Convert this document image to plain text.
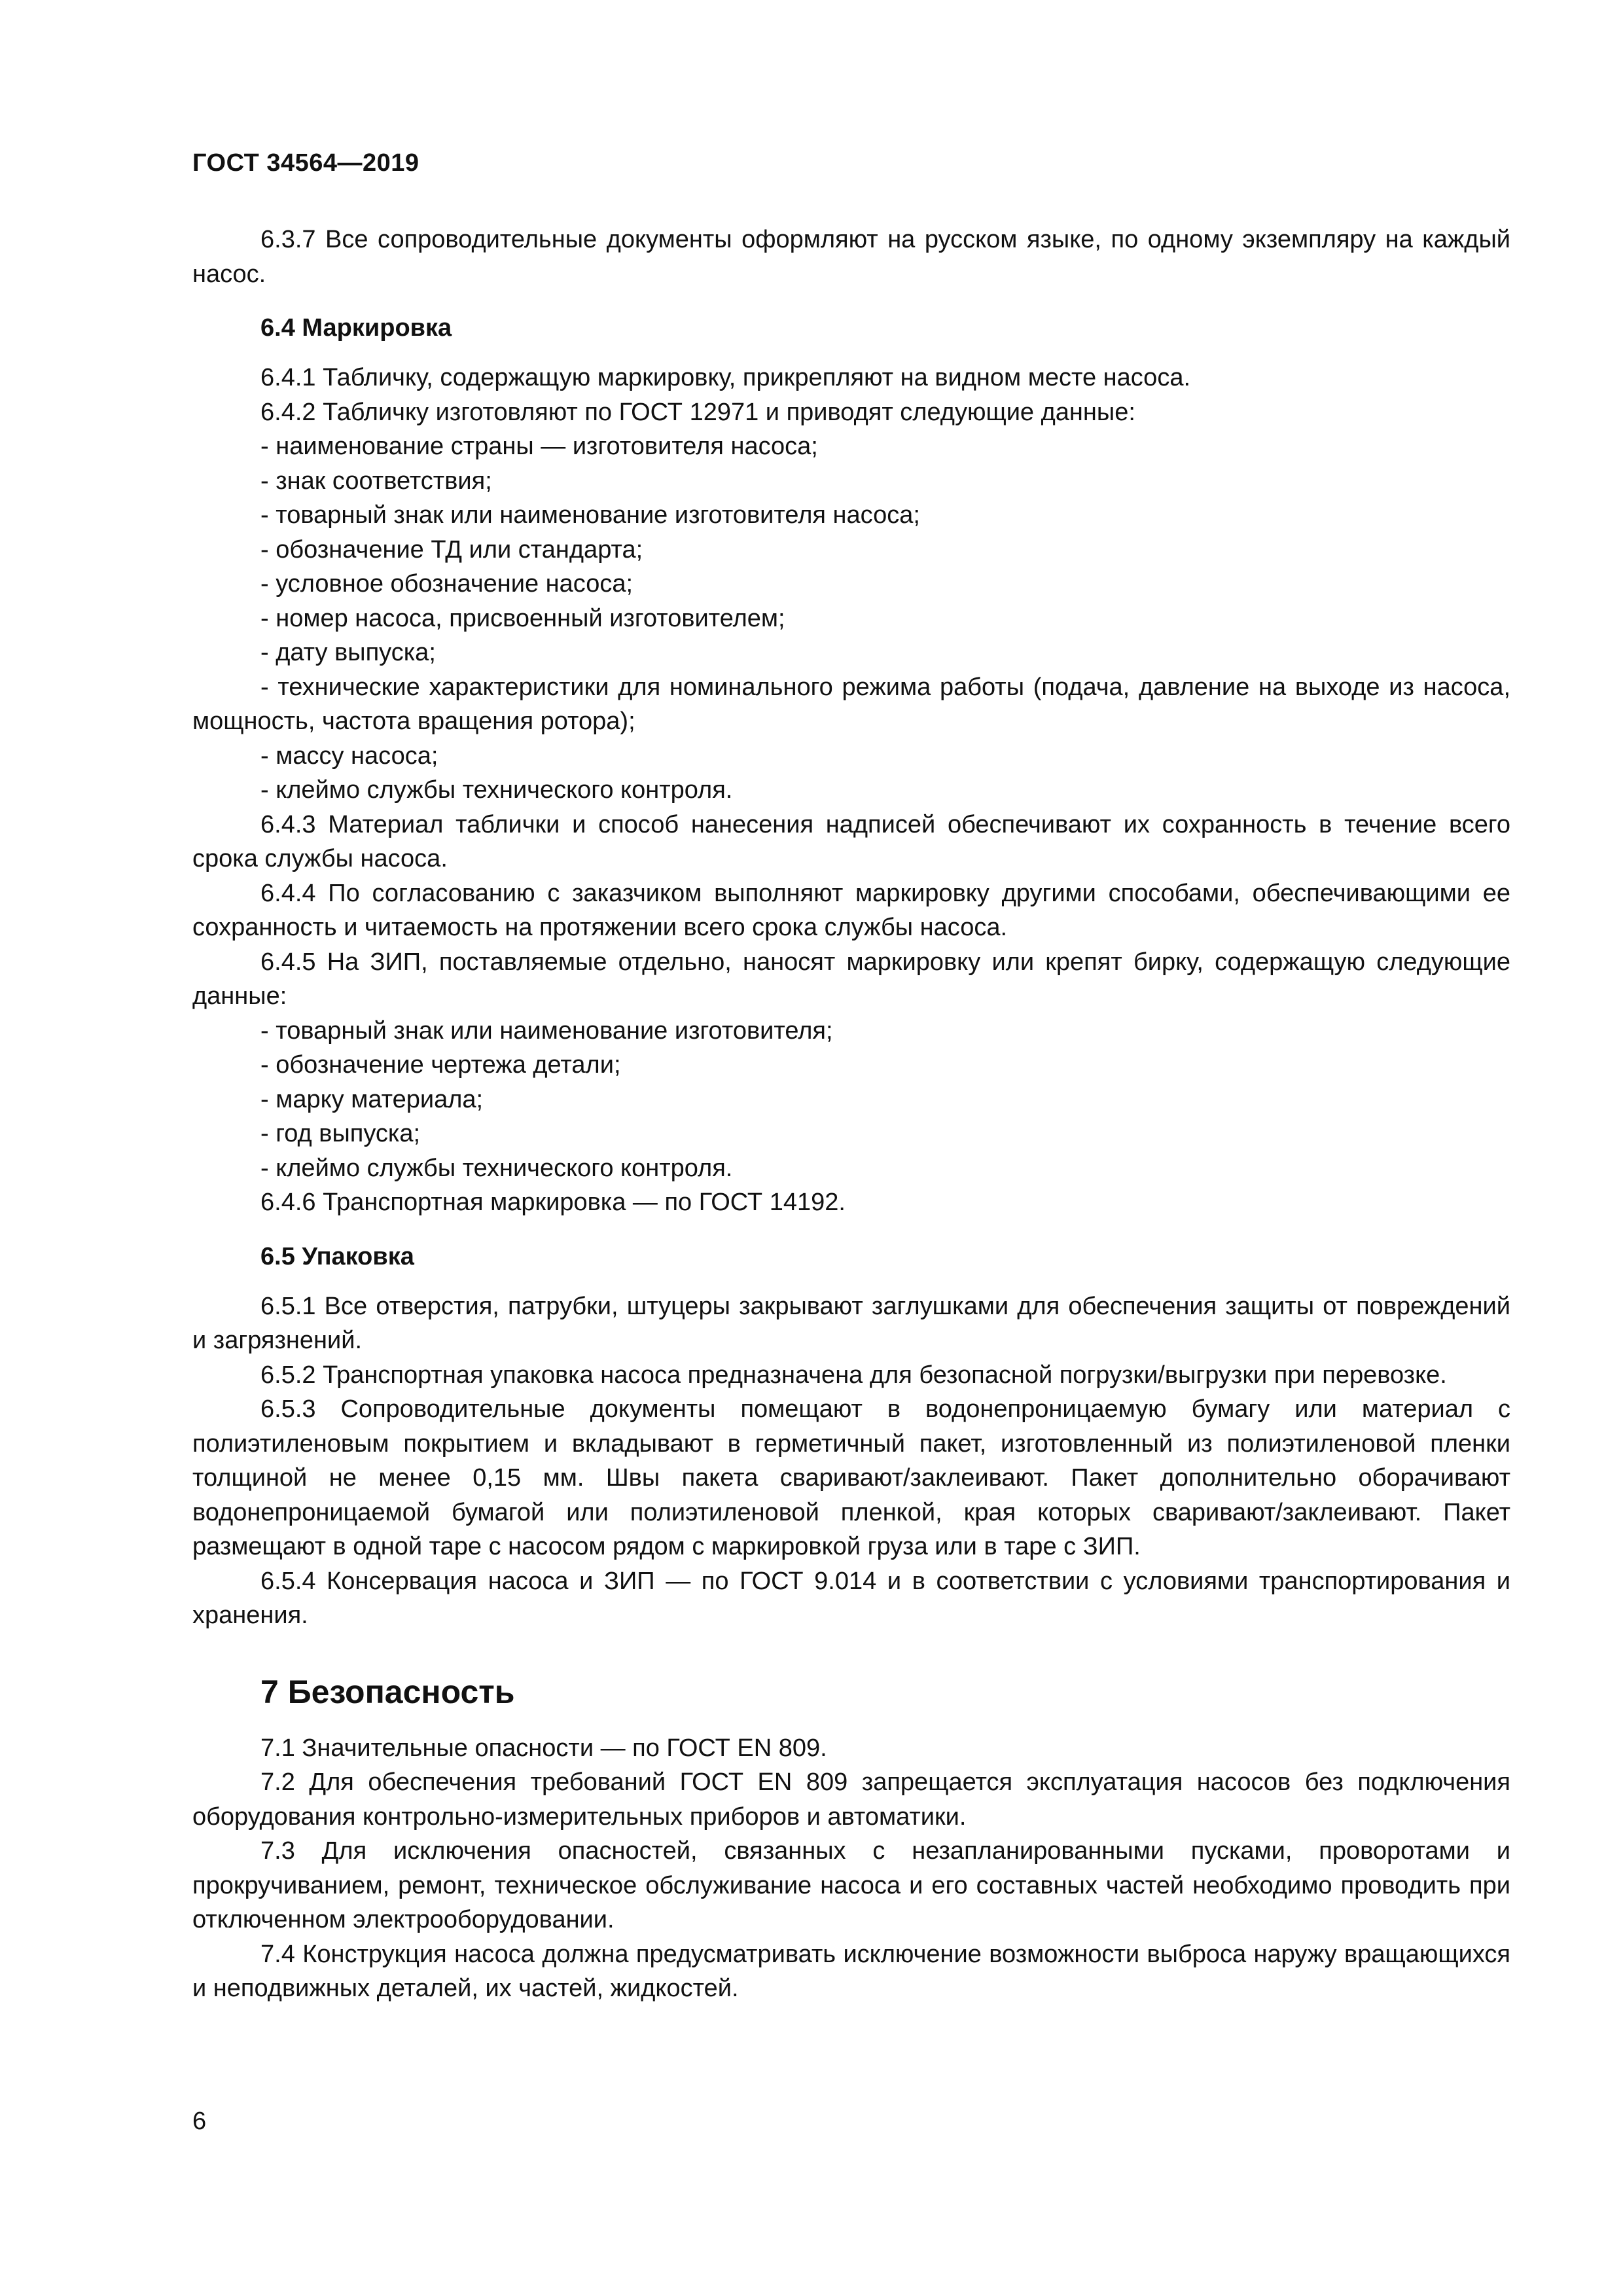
ГОСТ 34564—2019

6.3.7 Все сопроводительные документы оформляют на русском языке, по одному экземпляру на каждый насос.

6.4 Маркировка

6.4.1 Табличку, содержащую маркировку, прикрепляют на видном месте насоса.

6.4.2 Табличку изготовляют по ГОСТ 12971 и приводят следующие данные:

- наименование страны — изготовителя насоса;

- знак соответствия;

- товарный знак или наименование изготовителя насоса;

- обозначение ТД или стандарта;

- условное обозначение насоса;

- номер насоса, присвоенный изготовителем;

- дату выпуска;

- технические характеристики для номинального режима работы (подача, давление на выходе из насоса, мощность, частота вращения ротора);

- массу насоса;

- клеймо службы технического контроля.

6.4.3 Материал таблички и способ нанесения надписей обеспечивают их сохранность в течение всего срока службы насоса.

6.4.4 По согласованию с заказчиком выполняют маркировку другими способами, обеспечивающими ее сохранность и читаемость на протяжении всего срока службы насоса.

6.4.5 На ЗИП, поставляемые отдельно, наносят маркировку или крепят бирку, содержащую следующие данные:

- товарный знак или наименование изготовителя;

- обозначение чертежа детали;

- марку материала;

- год выпуска;

- клеймо службы технического контроля.

6.4.6 Транспортная маркировка — по ГОСТ 14192.

6.5 Упаковка

6.5.1 Все отверстия, патрубки, штуцеры закрывают заглушками для обеспечения защиты от повреждений и загрязнений.

6.5.2 Транспортная упаковка насоса предназначена для безопасной погрузки/выгрузки при перевозке.

6.5.3 Сопроводительные документы помещают в водонепроницаемую бумагу или материал с полиэтиленовым покрытием и вкладывают в герметичный пакет, изготовленный из полиэтиленовой пленки толщиной не менее 0,15 мм. Швы пакета сваривают/заклеивают. Пакет дополнительно оборачивают водонепроницаемой бумагой или полиэтиленовой пленкой, края которых сваривают/заклеивают. Пакет размещают в одной таре с насосом рядом с маркировкой груза или в таре с ЗИП.

6.5.4 Консервация насоса и ЗИП — по ГОСТ 9.014 и в соответствии с условиями транспортирования и хранения.

7 Безопасность

7.1 Значительные опасности — по ГОСТ EN 809.

7.2 Для обеспечения требований ГОСТ EN 809 запрещается эксплуатация насосов без подключения оборудования контрольно-измерительных приборов и автоматики.

7.3 Для исключения опасностей, связанных с незапланированными пусками, проворотами и прокручиванием, ремонт, техническое обслуживание насоса и его составных частей необходимо проводить при отключенном электрооборудовании.

7.4 Конструкция насоса должна предусматривать исключение возможности выброса наружу вращающихся и неподвижных деталей, их частей, жидкостей.

6
